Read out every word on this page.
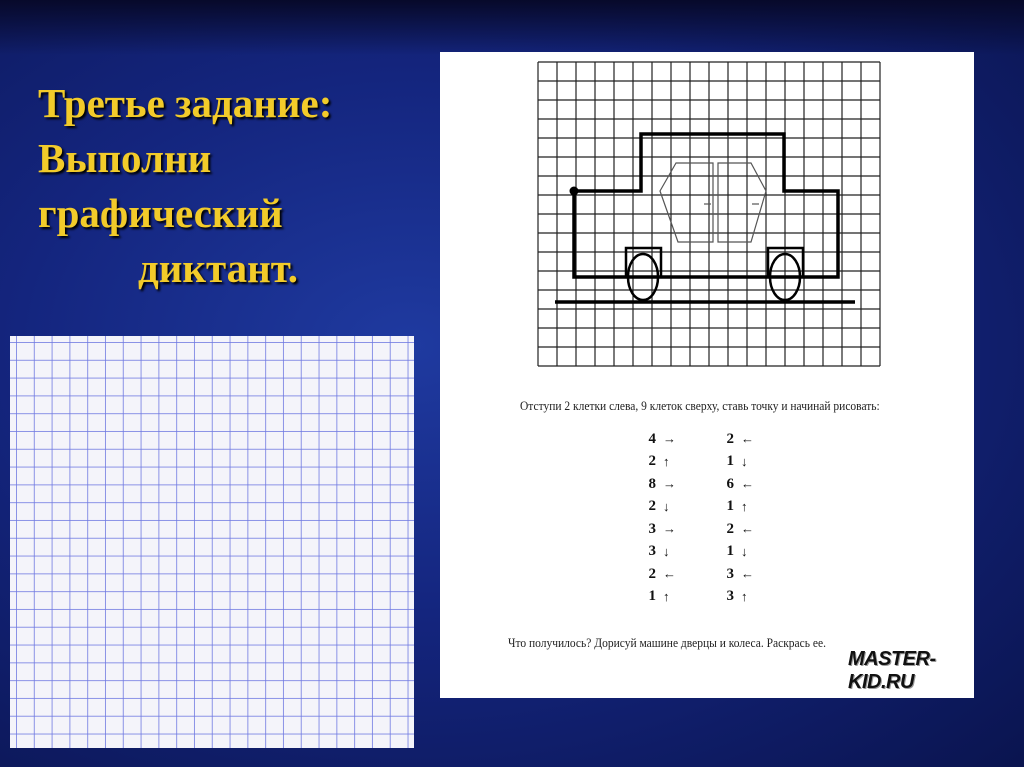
Третье задание:
Выполни
графический
диктант.
Отступи 2 клетки слева, 9 клеток сверху, ставь точку и начинай рисовать:
4 →
2 ↑
8 →
2 ↓
3 →
3 ↓
2 ←
1 ↑
2 ←
1 ↓
6 ←
1 ↑
2 ←
1 ↓
3 ←
3 ↑
Что получилось? Дорисуй машине дверцы и колеса. Раскрась ее.
MASTER-KID.RU
